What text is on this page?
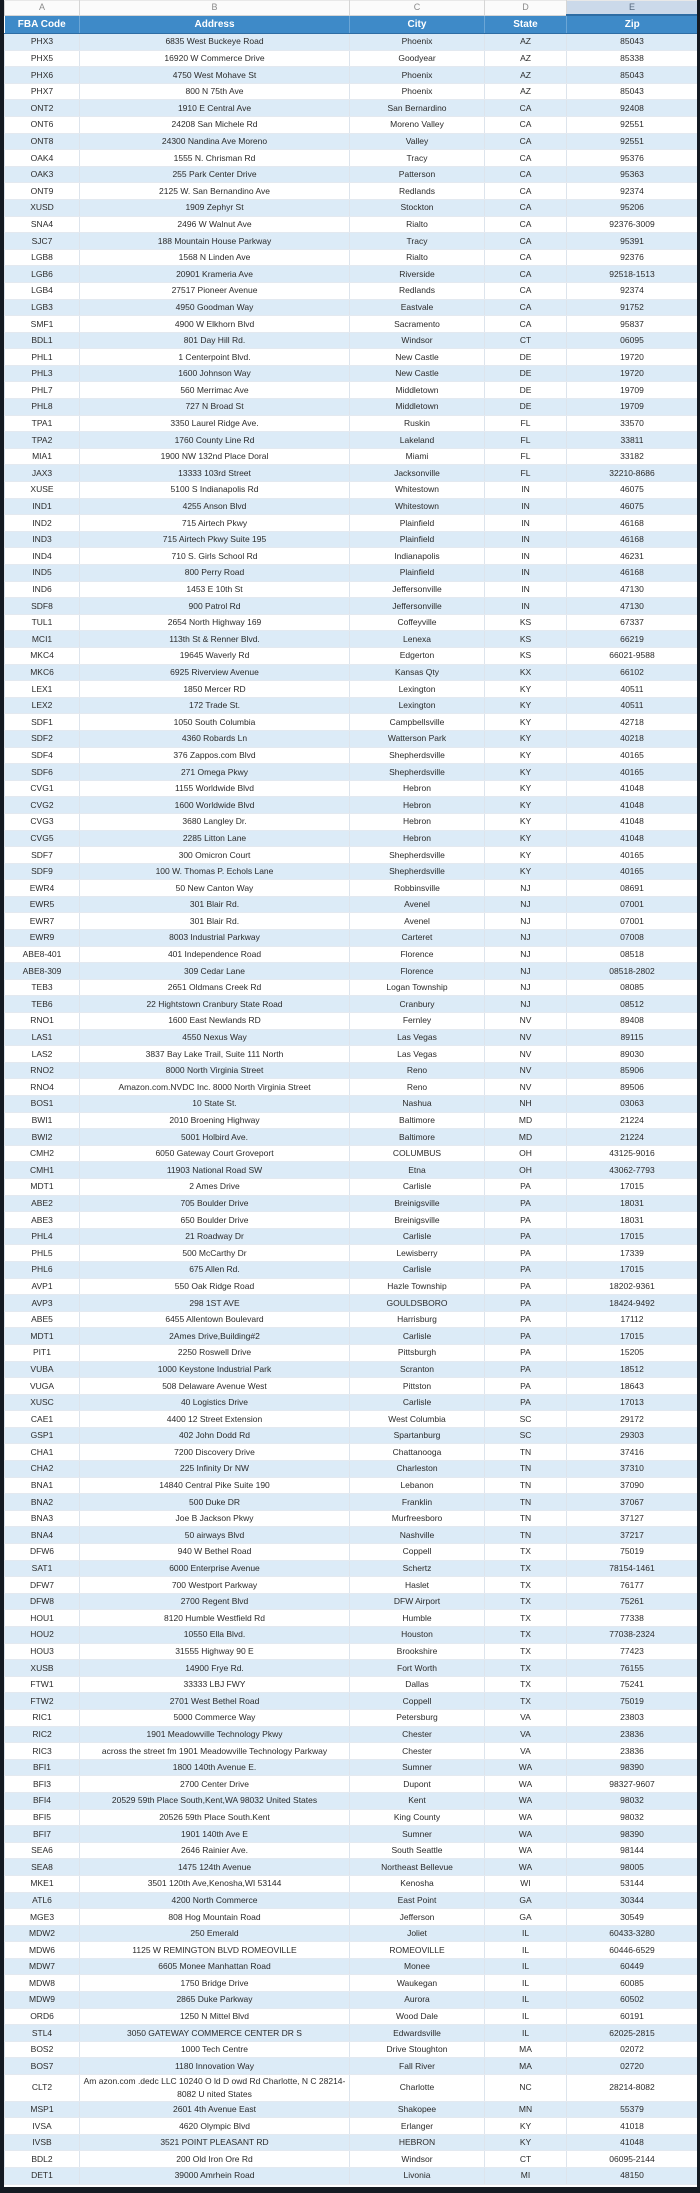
A	B	C	D	E
FBA Code	Address	City	State	Zip
PHX3	6835 West Buckeye Road	Phoenix	AZ	85043
PHX5	16920 W Commerce Drive	Goodyear	AZ	85338
PHX6	4750 West Mohave St	Phoenix	AZ	85043
PHX7	800 N 75th Ave	Phoenix	AZ	85043
ONT2	1910 E Central Ave	San Bernardino	CA	92408
ONT6	24208 San Michele Rd	Moreno Valley	CA	92551
ONT8	24300 Nandina Ave Moreno	Valley	CA	92551
OAK4	1555 N. Chrisman Rd	Tracy	CA	95376
OAK3	255 Park Center Drive	Patterson	CA	95363
ONT9	2125 W. San Bernandino Ave	Redlands	CA	92374
XUSD	1909 Zephyr St	Stockton	CA	95206
SNA4	2496 W Walnut Ave	Rialto	CA	92376-3009
SJC7	188 Mountain House Parkway	Tracy	CA	95391
LGB8	1568 N Linden Ave	Rialto	CA	92376
LGB6	20901 Krameria Ave	Riverside	CA	92518-1513
LGB4	27517 Pioneer Avenue	Redlands	CA	92374
LGB3	4950 Goodman Way	Eastvale	CA	91752
SMF1	4900 W Elkhorn Blvd	Sacramento	CA	95837
BDL1	801 Day Hill Rd.	Windsor	CT	06095
PHL1	1 Centerpoint Blvd.	New Castle	DE	19720
PHL3	1600 Johnson Way	New Castle	DE	19720
PHL7	560 Merrimac Ave	Middletown	DE	19709
PHL8	727 N Broad St	Middletown	DE	19709
TPA1	3350 Laurel Ridge Ave.	Ruskin	FL	33570
TPA2	1760 County Line Rd	Lakeland	FL	33811
MIA1	1900 NW 132nd Place Doral	Miami	FL	33182
JAX3	13333 103rd Street	Jacksonville	FL	32210-8686
XUSE	5100 S Indianapolis Rd	Whitestown	IN	46075
IND1	4255 Anson Blvd	Whitestown	IN	46075
IND2	715 Airtech Pkwy	Plainfield	IN	46168
IND3	715 Airtech Pkwy Suite 195	Plainfield	IN	46168
IND4	710 S. Girls School Rd	Indianapolis	IN	46231
IND5	800 Perry Road	Plainfield	IN	46168
IND6	1453 E 10th St	Jeffersonville	IN	47130
SDF8	900 Patrol Rd	Jeffersonville	IN	47130
TUL1	2654 North Highway 169	Coffeyville	KS	67337
MCI1	113th St & Renner Blvd.	Lenexa	KS	66219
MKC4	19645 Waverly Rd	Edgerton	KS	66021-9588
MKC6	6925 Riverview Avenue	Kansas Qty	KX	66102
LEX1	1850 Mercer RD	Lexington	KY	40511
LEX2	172 Trade St.	Lexington	KY	40511
SDF1	1050 South Columbia	Campbellsville	KY	42718
SDF2	4360 Robards Ln	Watterson Park	KY	40218
SDF4	376 Zappos.com Blvd	Shepherdsville	KY	40165
SDF6	271 Omega Pkwy	Shepherdsville	KY	40165
CVG1	1155 Worldwide Blvd	Hebron	KY	41048
CVG2	1600 Worldwide Blvd	Hebron	KY	41048
CVG3	3680 Langley Dr.	Hebron	KY	41048
CVG5	2285 Litton Lane	Hebron	KY	41048
SDF7	300 Omicron Court	Shepherdsville	KY	40165
SDF9	100 W. Thomas P. Echols Lane	Shepherdsville	KY	40165
EWR4	50 New Canton Way	Robbinsville	NJ	08691
EWR5	301 Blair Rd.	Avenel	NJ	07001
EWR7	301 Blair Rd.	Avenel	NJ	07001
EWR9	8003 Industrial Parkway	Carteret	NJ	07008
ABE8-401	401 Independence Road	Florence	NJ	08518
ABE8-309	309 Cedar Lane	Florence	NJ	08518-2802
TEB3	2651 Oldmans Creek Rd	Logan Township	NJ	08085
TEB6	22 Hightstown Cranbury State Road	Cranbury	NJ	08512
RNO1	1600 East Newlands RD	Fernley	NV	89408
LAS1	4550 Nexus Way	Las Vegas	NV	89115
LAS2	3837 Bay Lake Trail, Suite 111 North	Las Vegas	NV	89030
RNO2	8000 North Virginia Street	Reno	NV	85906
RNO4	Amazon.com.NVDC Inc. 8000 North Virginia Street	Reno	NV	89506
BOS1	10 State St.	Nashua	NH	03063
BWI1	2010 Broening Highway	Baltimore	MD	21224
BWI2	5001 Holbird Ave.	Baltimore	MD	21224
CMH2	6050 Gateway Court Groveport	COLUMBUS	OH	43125-9016
CMH1	11903 National Road SW	Etna	OH	43062-7793
MDT1	2 Ames Drive	Carlisle	PA	17015
ABE2	705 Boulder Drive	Breinigsville	PA	18031
ABE3	650 Boulder Drive	Breinigsville	PA	18031
PHL4	21 Roadway Dr	Carlisle	PA	17015
PHL5	500 McCarthy Dr	Lewisberry	PA	17339
PHL6	675 Allen Rd.	Carlisle	PA	17015
AVP1	550 Oak Ridge Road	Hazle Township	PA	18202-9361
AVP3	298 1ST AVE	GOULDSBORO	PA	18424-9492
ABE5	6455 Allentown Boulevard	Harrisburg	PA	17112
MDT1	2Ames Drive,Building#2	Carlisle	PA	17015
PIT1	2250 Roswell Drive	Pittsburgh	PA	15205
VUBA	1000 Keystone Industrial Park	Scranton	PA	18512
VUGA	508 Delaware Avenue West	Pittston	PA	18643
XUSC	40 Logistics Drive	Carlisle	PA	17013
CAE1	4400 12 Street Extension	West Columbia	SC	29172
GSP1	402 John Dodd Rd	Spartanburg	SC	29303
CHA1	7200 Discovery Drive	Chattanooga	TN	37416
CHA2	225 Infinity Dr NW	Charleston	TN	37310
BNA1	14840 Central Pike Suite 190	Lebanon	TN	37090
BNA2	500 Duke DR	Franklin	TN	37067
BNA3	Joe B Jackson Pkwy	Murfreesboro	TN	37127
BNA4	50 airways Blvd	Nashville	TN	37217
DFW6	940 W Bethel Road	Coppell	TX	75019
SAT1	6000 Enterprise Avenue	Schertz	TX	78154-1461
DFW7	700 Westport Parkway	Haslet	TX	76177
DFW8	2700 Regent Blvd	DFW Airport	TX	75261
HOU1	8120 Humble Westfield Rd	Humble	TX	77338
HOU2	10550 Ella Blvd.	Houston	TX	77038-2324
HOU3	31555 Highway 90 E	Brookshire	TX	77423
XUSB	14900 Frye Rd.	Fort Worth	TX	76155
FTW1	33333 LBJ FWY	Dallas	TX	75241
FTW2	2701 West Bethel Road	Coppell	TX	75019
RIC1	5000 Commerce Way	Petersburg	VA	23803
RIC2	1901 Meadowville Technology Pkwy	Chester	VA	23836
RIC3	across the street fm 1901 Meadowville Technology Parkway	Chester	VA	23836
BFI1	1800 140th Avenue E.	Sumner	WA	98390
BFI3	2700 Center Drive	Dupont	WA	98327-9607
BFI4	20529 59th Place South,Kent,WA 98032 United States	Kent	WA	98032
BFI5	20526 59th Place South.Kent	King County	WA	98032
BFI7	1901 140th Ave E	Sumner	WA	98390
SEA6	2646 Rainier Ave.	South Seattle	WA	98144
SEA8	1475 124th Avenue	Northeast Bellevue	WA	98005
MKE1	3501 120th Ave,Kenosha,WI 53144	Kenosha	WI	53144
ATL6	4200 North Commerce	East Point	GA	30344
MGE3	808 Hog Mountain Road	Jefferson	GA	30549
MDW2	250 Emerald	Joliet	IL	60433-3280
MDW6	1125 W REMINGTON BLVD ROMEOVILLE	ROMEOVILLE	IL	60446-6529
MDW7	6605 Monee Manhattan Road	Monee	IL	60449
MDW8	1750 Bridge Drive	Waukegan	IL	60085
MDW9	2865 Duke Parkway	Aurora	IL	60502
ORD6	1250 N Mittel Blvd	Wood Dale	IL	60191
STL4	3050 GATEWAY COMMERCE CENTER DR S	Edwardsville	IL	62025-2815
BOS2	1000 Tech Centre	Drive Stoughton	MA	02072
BOS7	1180 Innovation Way	Fall River	MA	02720
CLT2	Am azon.com .dedc LLC 10240 O ld D owd Rd Charlotte, N C 28214-8082 U nited States	Charlotte	NC	28214-8082
MSP1	2601 4th Avenue East	Shakopee	MN	55379
IVSA	4620 Olympic Blvd	Erlanger	KY	41018
IVSB	3521 POINT PLEASANT RD	HEBRON	KY	41048
BDL2	200 Old Iron Ore Rd	Windsor	CT	06095-2144
DET1	39000 Amrhein Road	Livonia	MI	48150
